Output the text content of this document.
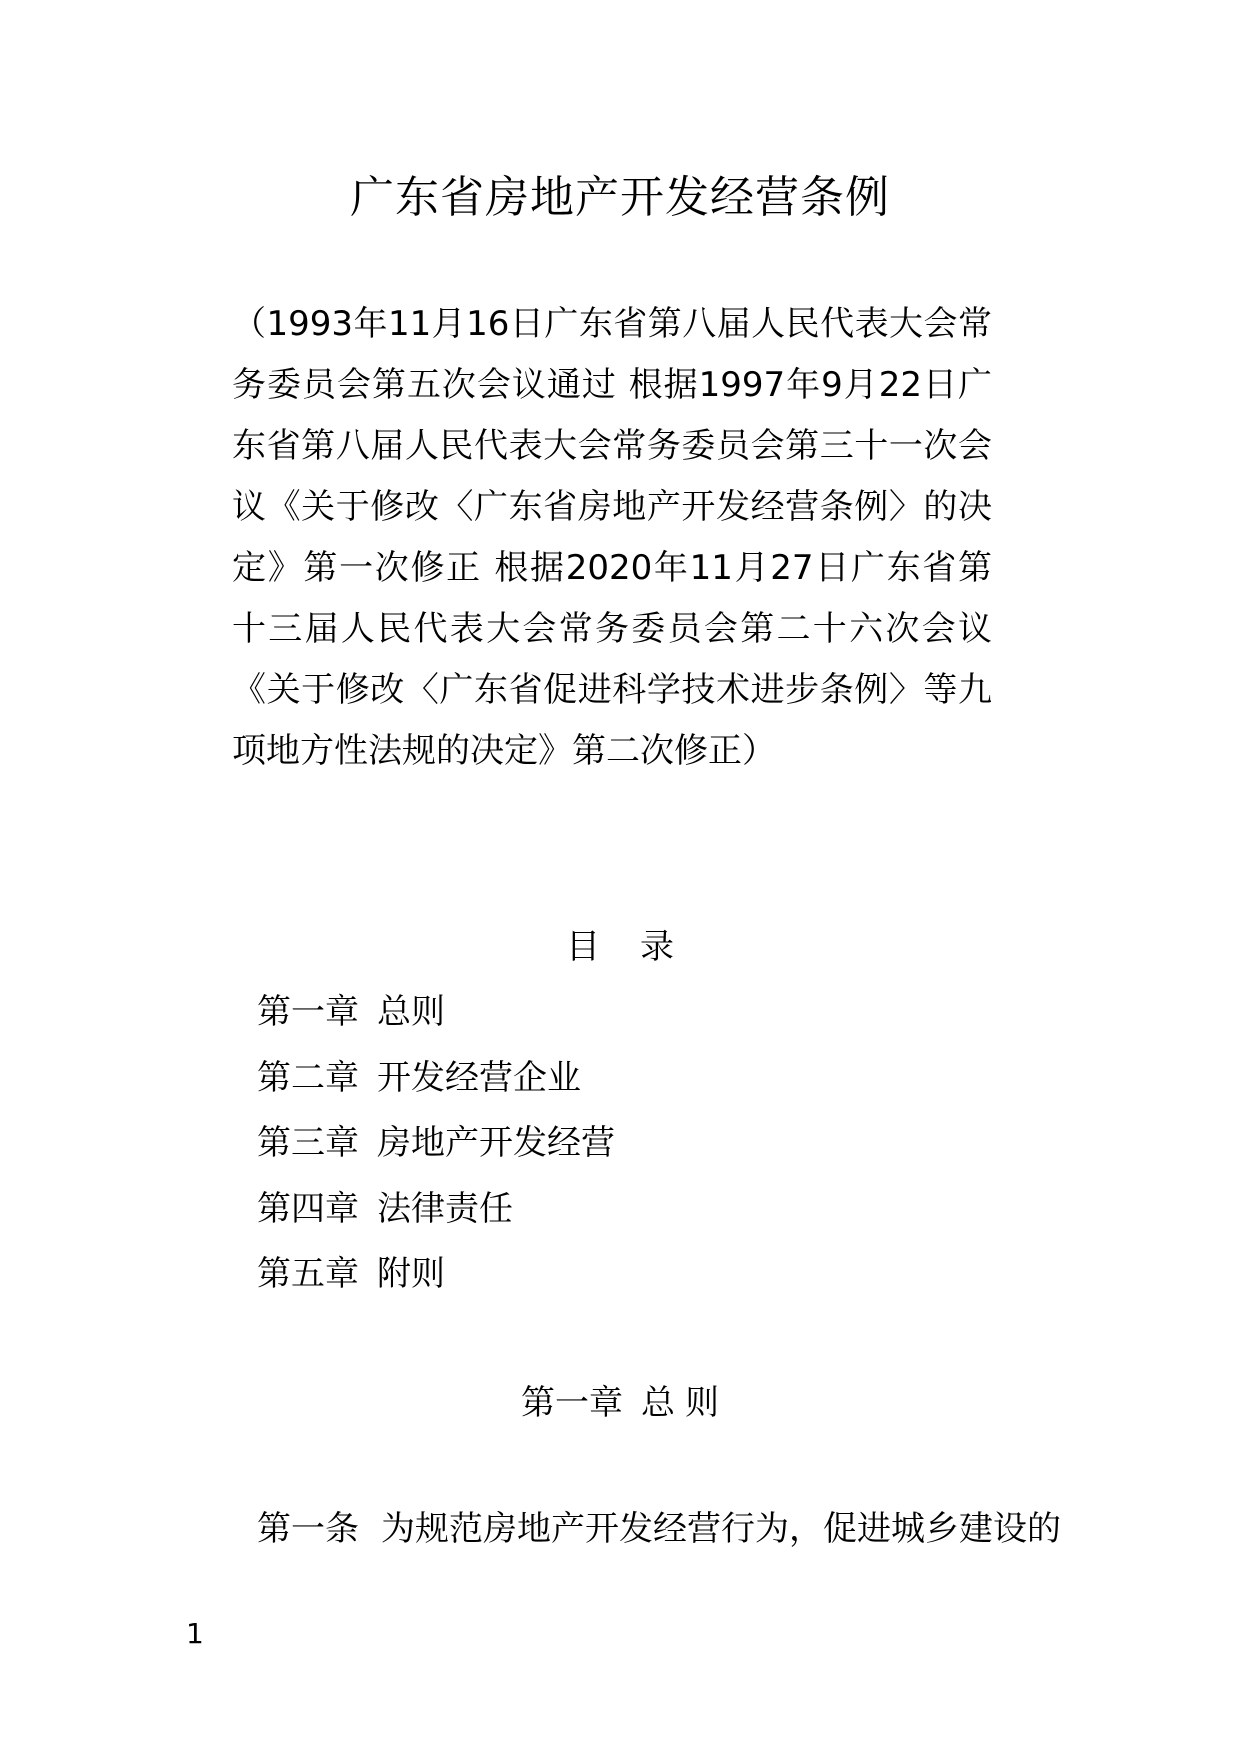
广东省房地产开发经营条例
（1993年11月16日广东省第八届人民代表大会常
务委员会第五次会议通过 根据1997年9月22日广
东省第八届人民代表大会常务委员会第三十一次会
议《关于修改〈广东省房地产开发经营条例〉的决
定》第一次修正 根据2020年11月27日广东省第
十三届人民代表大会常务委员会第二十六次会议
《关于修改〈广东省促进科学技术进步条例〉等九
项地方性法规的决定》第二次修正）
目 录
第一章 总则
第二章 开发经营企业
第三章 房地产开发经营
第四章 法律责任
第五章 附则
第一章 总 则
第一条 为规范房地产开发经营行为，促进城乡建设的
1
